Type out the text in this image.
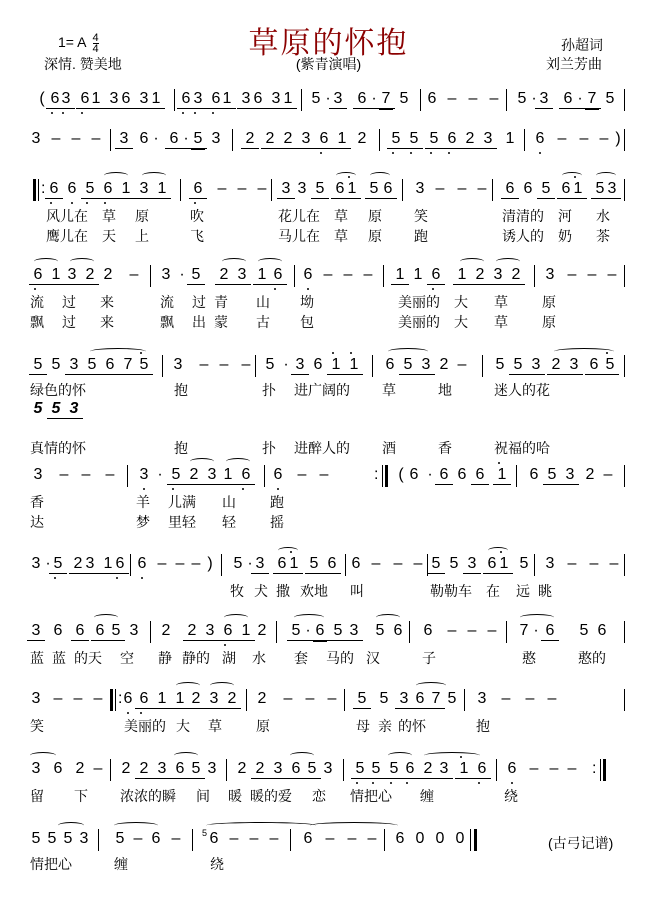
1= A $\frac{4}{4}$
深情. 赞美地
草原的怀抱
(紫青演唱)
孙超词
刘兰芳曲
( 6 3 6 1 3 6 3 1 6 3 6 1 3 6 3 1 5 · 3 6 · 7 5 6 – – – 5 · 3 6 · 7 5
3 – – – 3 6 · 6 · 5 3 2 2 2 3 6 1 2 5 5 5 6 2 3 1 6 – – – )
: 6 6 5 6 1 3 1 6 – – – 3 3 5 6 1 5 6 3 – – – 6 6 5 6 1 5 3
风儿在 草 原	吹	花儿在 草 原 笑	清清的 河 水
鹰儿在 天 上	飞	马儿在 草 原 跑	诱人的 奶 茶
6 1 3 2 2 – 3 · 5 2 3 1 6 6 – – – 1 1 6 1 2 3 2 3 – – –
流 过 来	流 过 青 山 坳	美丽的 大 草 原
飘 过 来	飘 出 蒙 古 包	美丽的 大 草 原
5 5 3 5 6 7 5 3 – – – 5 · 3 6 1 1 6 5 3 2 – 5 5 3 2 3 6 5
5 5 3
绿色的怀	抱	扑 进广阔的 草	地	迷人的花
真情的怀	抱	扑 进醉人的 酒	香	祝福的哈
3 – – – 3 · 5 2 3 1 6 6 – –	: ( 6 · 6 6 6 1 6 5 3 2 –
香	羊 儿满 山 跑
达	梦 里轻 轻 摇
3 · 5 2 3 1 6 6 – – – ) 5 · 3 6 1 5 6 6 – – – 5 5 3 6 1 5 3 – – –
牧 犬 撒 欢地 叫	勒勒车 在 远 眺
3 6 6 6 5 3 2 2 3 6 1 2 5 · 6 5 3 5 6 6 – – – 7 · 6 5 6
蓝 蓝 的天 空 静 静的 湖 水 套 马的 汉	子	憨	憨的
3 – – – : 6 6 1 1 2 3 2 2 – – – 5 5 3 6 7 5 3 – – –
笑	美丽的 大 草 原	母 亲 的怀	抱
3 6 2 – 2 2 3 6 5 3 2 2 3 6 5 3 5 5 5 6 2 3 1 6 6 – – – :
留 下 浓浓的瞬 间 暖 暖的爱 恋 情把心 缠	绕
5 5 5 3 5 – 6 – 6
5 – – – 6 – – – 6 0 0 0
情把心	缠	绕
(古弓记谱)
